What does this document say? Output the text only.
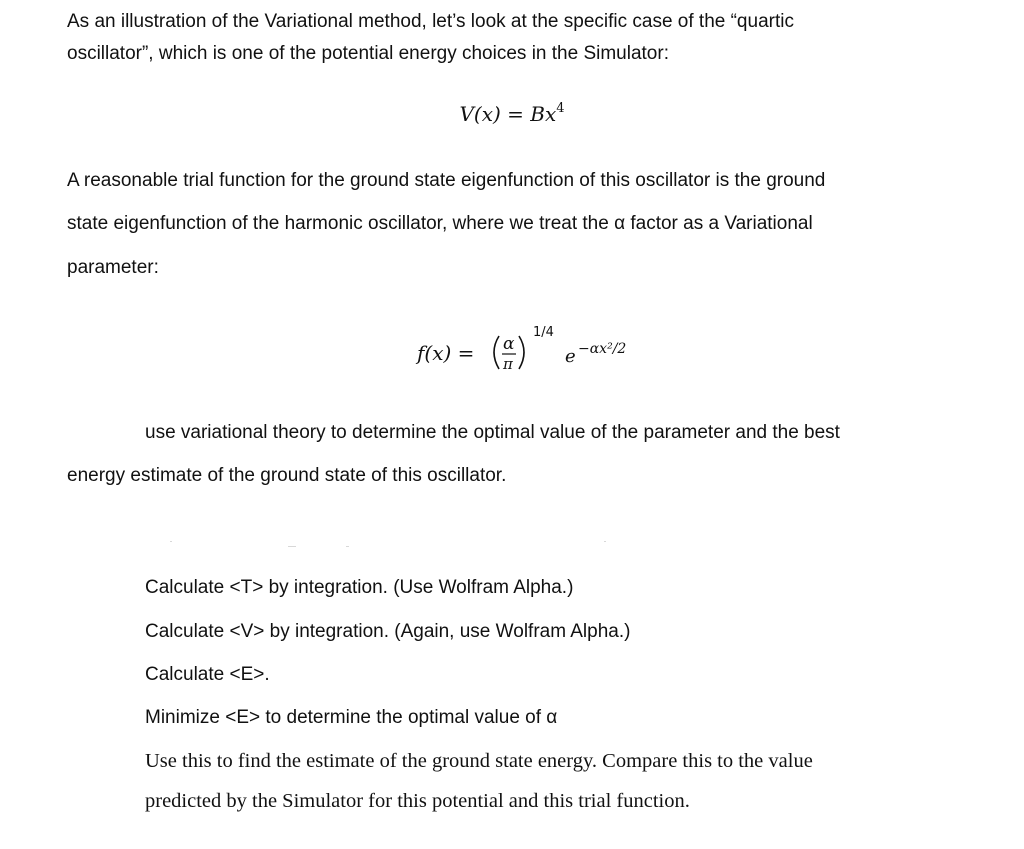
As an illustration of the Variational method, let’s look at the specific case of the “quartic
oscillator”, which is one of the potential energy choices in the Simulator:
$V(x) = Bx^4$
A reasonable trial function for the ground state eigenfunction of this oscillator is the ground
state eigenfunction of the harmonic oscillator, where we treat the α factor as a Variational
parameter:
f(x) = α
π
1/4
e −αx²/2
use variational theory to determine the optimal value of the parameter and the best
energy estimate of the ground state of this oscillator.
Calculate <T> by integration. (Use Wolfram Alpha.)
Calculate <V> by integration. (Again, use Wolfram Alpha.)
Calculate <E>.
Minimize <E> to determine the optimal value of α
Use this to find the estimate of the ground state energy. Compare this to the value
predicted by the Simulator for this potential and this trial function.
